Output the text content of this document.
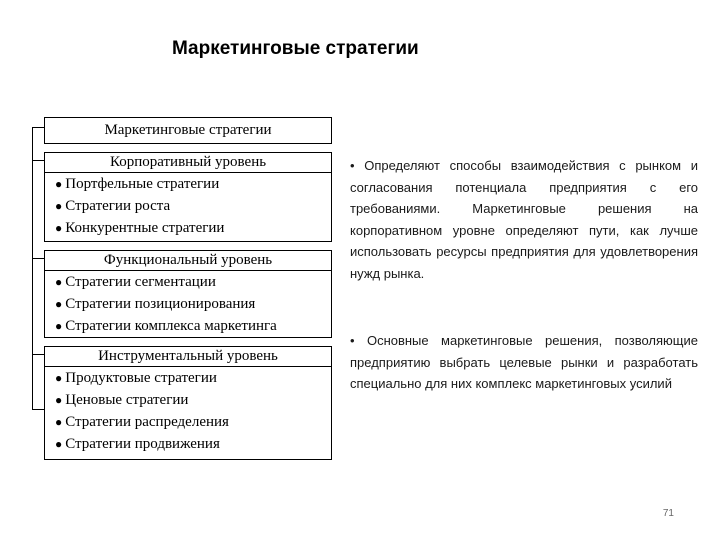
Маркетинговые стратегии
Маркетинговые стратегии
Корпоративный уровень
● Портфельные стратегии
● Стратегии роста
● Конкурентные стратегии
Функциональный уровень
● Стратегии сегментации
● Стратегии позиционирования
● Стратегии комплекса маркетинга
Инструментальный уровень
● Продуктовые стратегии
● Ценовые стратегии
● Стратегии распределения
● Стратегии продвижения
• Определяют способы взаимодействия с рынком и согласования потенциала предприятия с его требованиями. Маркетинговые решения на корпоративном уровне определяют пути, как лучше использовать ресурсы предприятия для удовлетворения нужд рынка.
• Основные маркетинговые решения, позволяющие предприятию выбрать целевые рынки и разработать специально для них комплекс маркетинговых усилий
71
